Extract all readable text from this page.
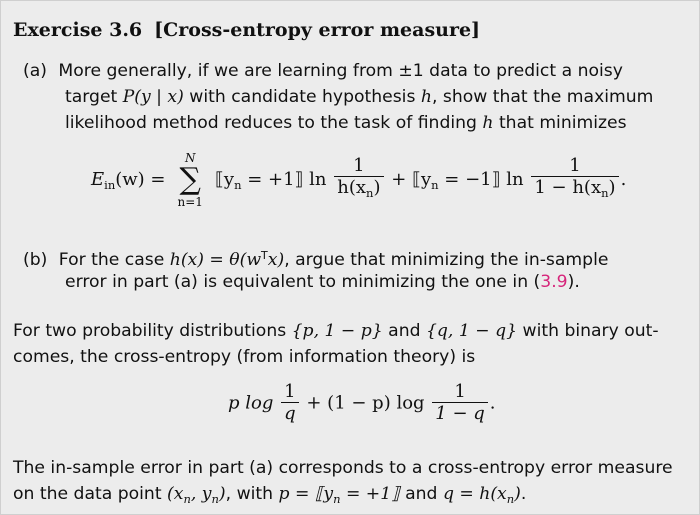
Exercise 3.6 [Cross-entropy error measure]
(a) More generally, if we are learning from ±1 data to predict a noisy
target P(y | x) with candidate hypothesis h, show that the maximum
likelihood method reduces to the task of finding h that minimizes
$E_{in}(w)$ =
N
∑
n=1
$⟦y_n$ = +1⟧ $\ln \frac{1}{h(x_n)}$ + $⟦y_n$ = −1⟧ $\ln \frac{1}{1 - h(x_n)}$ .
(b) For the case $h(x) = \theta(w^Tx)$, argue that minimizing the in-sample
error in part (a) is equivalent to minimizing the one in (3.9).
For two probability distributions {p, 1 − p} and {q, 1 − q} with binary out-
comes, the cross-entropy (from information theory) is
p $\log \frac{1}{q} + (1 - p)$ $\log \frac{1}{1 - q}$ .
The in-sample error in part (a) corresponds to a cross-entropy error measure
on the data point ($x_n$, $y_n$), with $p = ⟦y_n$ = +1⟧ and $q = h(x_n)$.
